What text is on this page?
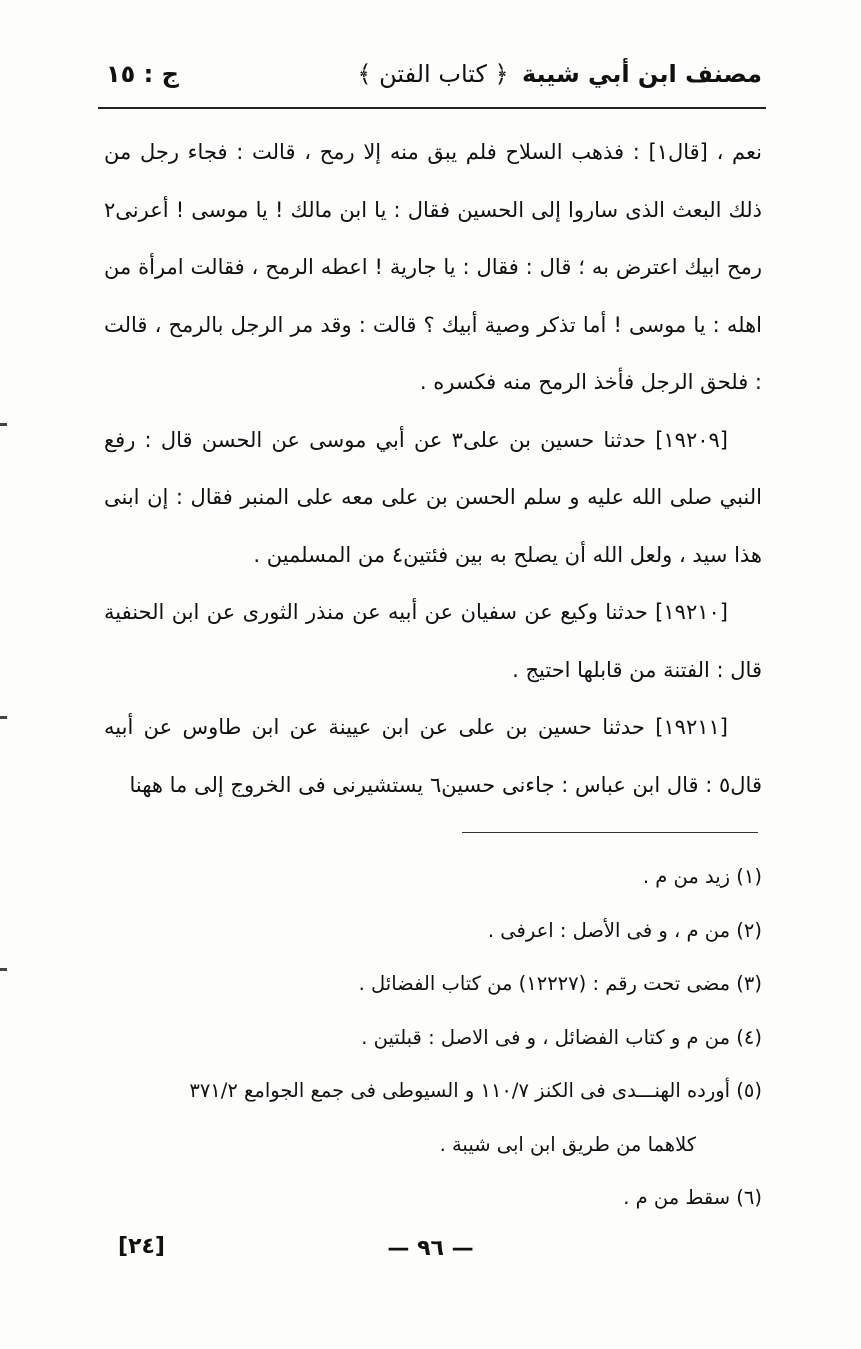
مصنف ابن أبي شيبة
﴿ كتاب الفتن ﴾
ج : ١٥

نعم ، [قال١] : فذهب السلاح فلم يبق منه إلا رمح ، قالت : فجاء رجل من ذلك البعث الذى ساروا إلى الحسين فقال : يا ابن مالك ! يا موسى ! أعرنى٢ رمح ابيك اعترض به ؛ قال : فقال : يا جارية ! اعطه الرمح ، فقالت امرأة من اهله : يا موسى ! أما تذكر وصية أبيك ؟ قالت : وقد مر الرجل بالرمح ، قالت : فلحق الرجل فأخذ الرمح منه فكسره .

[١٩٢٠٩] حدثنا حسين بن على٣ عن أبي موسى عن الحسن قال : رفع النبي صلى الله عليه و سلم الحسن بن على معه على المنبر فقال : إن ابنى هذا سيد ، ولعل الله أن يصلح به بين فئتين٤ من المسلمين .

[١٩٢١٠] حدثنا وكيع عن سفيان عن أبيه عن منذر الثورى عن ابن الحنفية قال : الفتنة من قابلها احتيج .

[١٩٢١١] حدثنا حسين بن على عن ابن عيينة عن ابن طاوس عن أبيه قال٥ : قال ابن عباس : جاءنى حسين٦ يستشيرنى فى الخروج إلى ما ههنا

(١) زيد من م .

(٢) من م ، و فى الأصل : اعرفى .

(٣) مضى تحت رقم : (١٢٢٢٧) من كتاب الفضائل .

(٤) من م و كتاب الفضائل ، و فى الاصل : قبلتين .

(٥) أورده الهنـــدى فى الكنز ١١٠/٧ و السيوطى فى جمع الجوامع ٣٧١/٢

كلاهما من طريق ابن ابى شيبة .

(٦) سقط من م .

— ٩٦ —
[٢٤]
